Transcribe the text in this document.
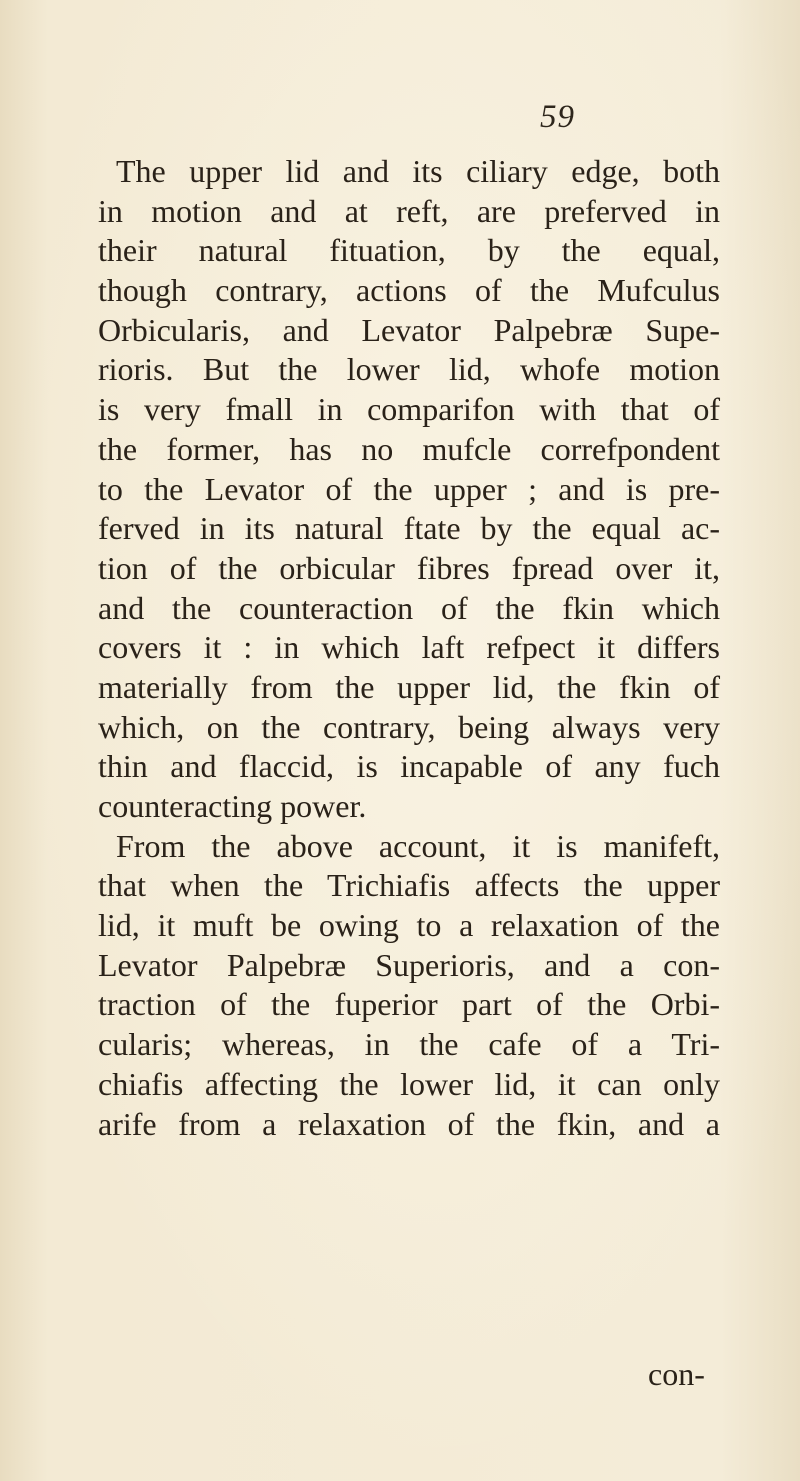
59
The upper lid and its ciliary edge, both
in motion and at reft, are preferved in
their natural fituation, by the equal,
though contrary, actions of the Mufculus
Orbicularis, and Levator Palpebræ Supe-
rioris. But the lower lid, whofe motion
is very fmall in comparifon with that of
the former, has no mufcle correfpondent
to the Levator of the upper ; and is pre-
ferved in its natural ftate by the equal ac-
tion of the orbicular fibres fpread over it,
and the counteraction of the fkin which
covers it : in which laft refpect it differs
materially from the upper lid, the fkin of
which, on the contrary, being always very
thin and flaccid, is incapable of any fuch
counteracting power.
From the above account, it is manifeft,
that when the Trichiafis affects the upper
lid, it muft be owing to a relaxation of the
Levator Palpebræ Superioris, and a con-
traction of the fuperior part of the Orbi-
cularis; whereas, in the cafe of a Tri-
chiafis affecting the lower lid, it can only
arife from a relaxation of the fkin, and a
con-
